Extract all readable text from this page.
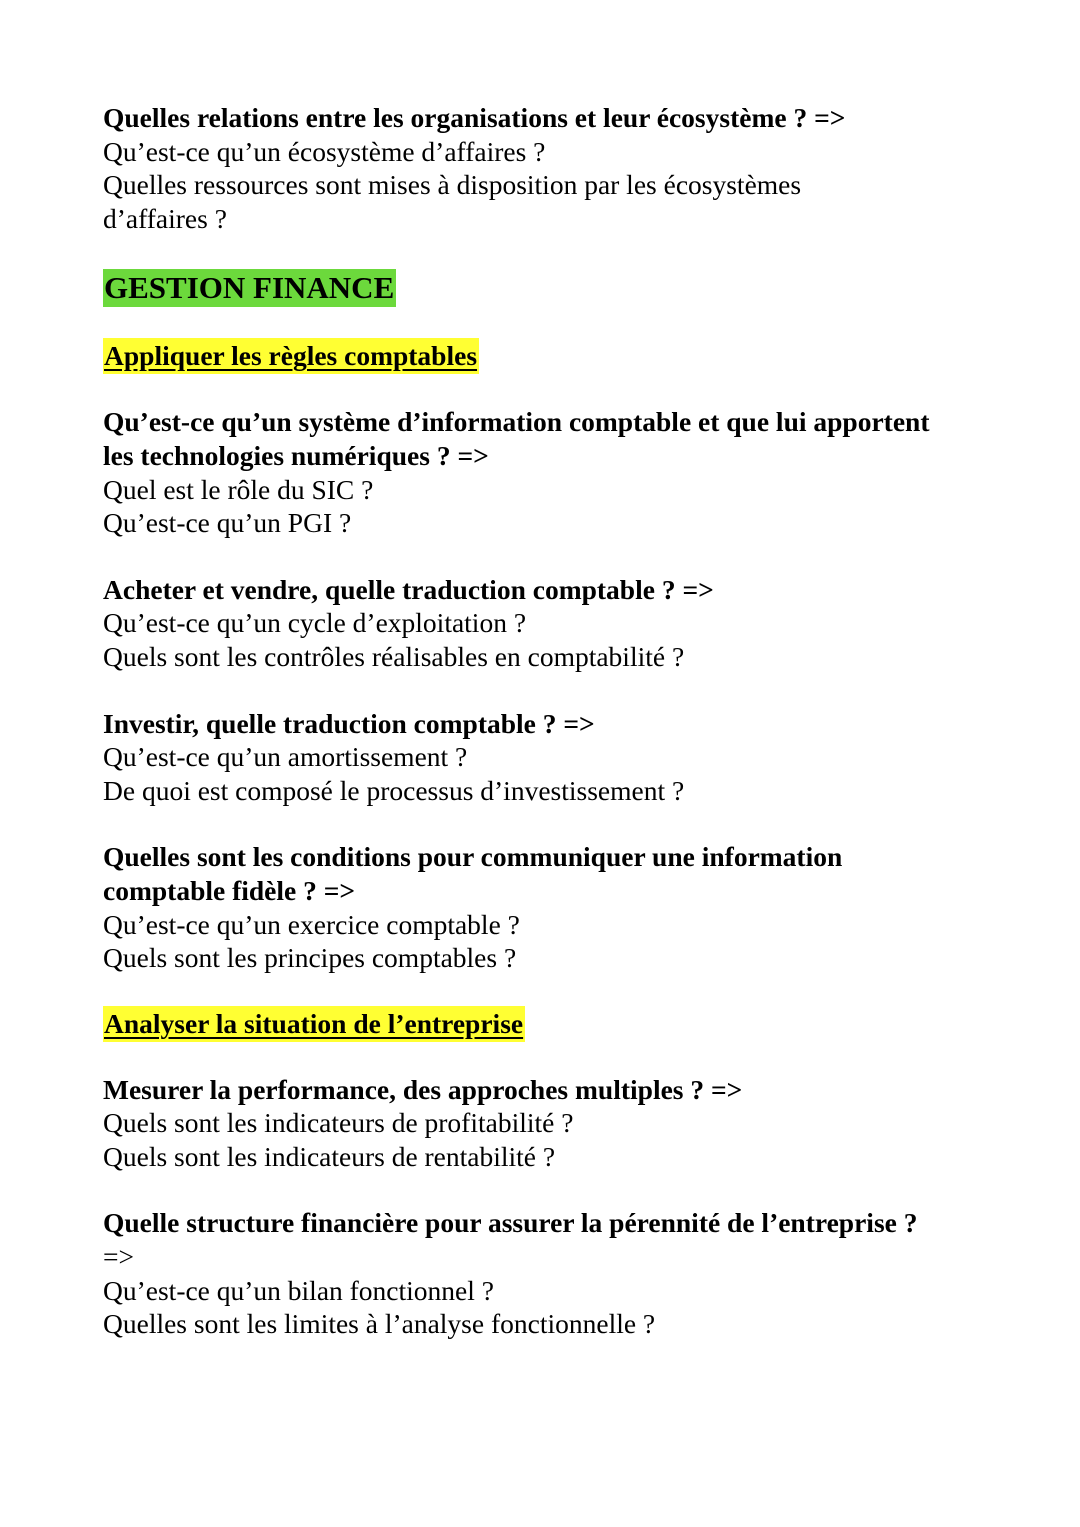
Quelles relations entre les organisations et leur écosystème ? =>

Qu’est-ce qu’un écosystème d’affaires ?

Quelles ressources sont mises à disposition par les écosystèmes

d’affaires ?

GESTION FINANCE

Appliquer les règles comptables

Qu’est-ce qu’un système d’information comptable et que lui apportent

les technologies numériques ? =>

Quel est le rôle du SIC ?

Qu’est-ce qu’un PGI ?

Acheter et vendre, quelle traduction comptable ? =>

Qu’est-ce qu’un cycle d’exploitation ?

Quels sont les contrôles réalisables en comptabilité ?

Investir, quelle traduction comptable ? =>

Qu’est-ce qu’un amortissement ?

De quoi est composé le processus d’investissement ?

Quelles sont les conditions pour communiquer une information

comptable fidèle ? =>

Qu’est-ce qu’un exercice comptable ?

Quels sont les principes comptables ?

Analyser la situation de l’entreprise

Mesurer la performance, des approches multiples ? =>

Quels sont les indicateurs de profitabilité ?

Quels sont les indicateurs de rentabilité ?

Quelle structure financière pour assurer la pérennité de l’entreprise ?

=>

Qu’est-ce qu’un bilan fonctionnel ?

Quelles sont les limites à l’analyse fonctionnelle ?
